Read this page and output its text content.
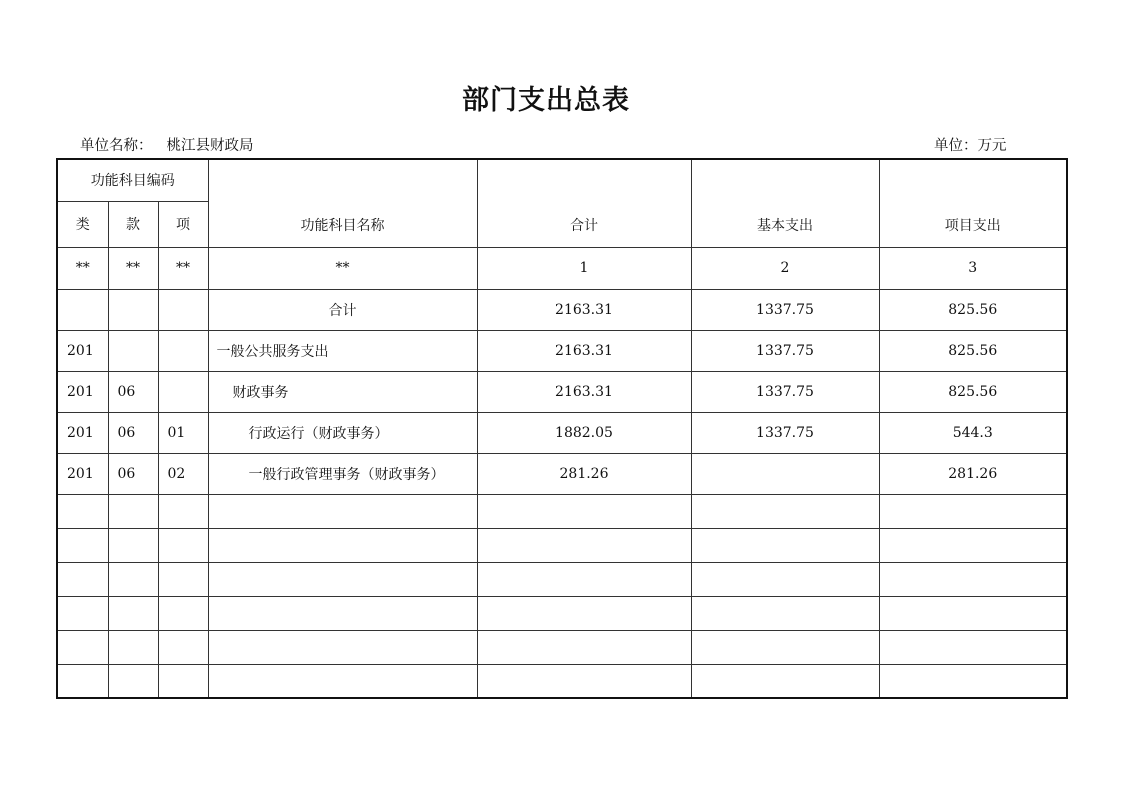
部门支出总表
单位名称： 桃江县财政局	单位：万元
功能科目编码			功能科目名称	合计	基本支出	项目支出
类	款	项				
**	**	**	**	1	2	3
			合计	2163.31	1337.75	825.56
201			一般公共服务支出	2163.31	1337.75	825.56
201	06		财政事务	2163.31	1337.75	825.56
201	06	01	行政运行（财政事务）	1882.05	1337.75	544.3
201	06	02	一般行政管理事务（财政事务）	281.26		281.26
